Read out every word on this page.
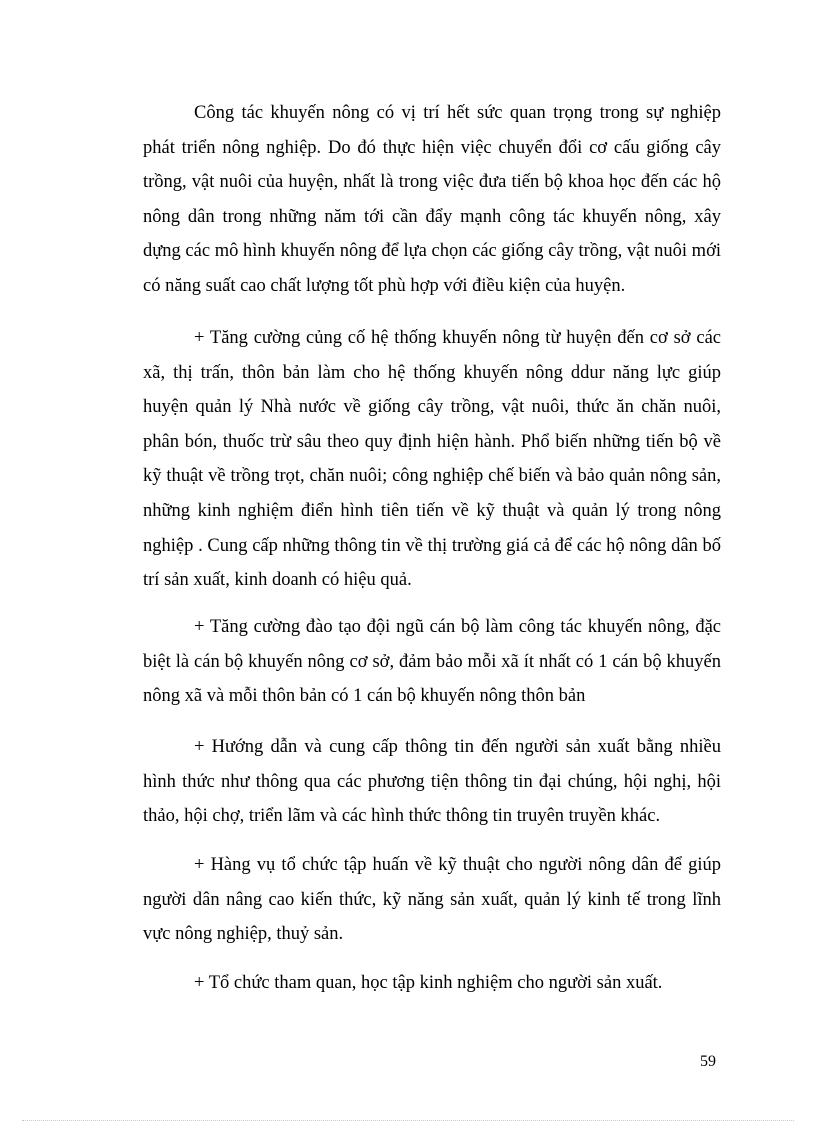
Công tác khuyến nông có vị trí hết sức quan trọng trong sự nghiệp phát triển nông nghiệp. Do đó thực hiện việc chuyển đổi cơ cấu giống cây trồng, vật nuôi của huyện, nhất là trong việc đưa tiến bộ khoa học đến các hộ nông dân trong những năm tới cần đẩy mạnh công tác khuyến nông, xây dựng các mô hình khuyến nông để lựa chọn các giống cây trồng, vật nuôi mới có năng suất cao chất lượng tốt phù hợp với điều kiện của huyện.

+ Tăng cường củng cố hệ thống khuyến nông từ huyện đến cơ sở các xã, thị trấn, thôn bản làm cho hệ thống khuyến nông ddur năng lực giúp huyện quản lý Nhà nước về giống cây trồng, vật nuôi, thức ăn chăn nuôi, phân bón, thuốc trừ sâu theo quy định hiện hành. Phổ biến những tiến bộ về kỹ thuật về trồng trọt, chăn nuôi; công nghiệp chế biến và bảo quản nông sản, những kinh nghiệm điển hình tiên tiến về kỹ thuật và quản lý trong nông nghiệp . Cung cấp những thông tin về thị trường giá cả để các hộ nông dân bố trí sản xuất, kinh doanh có hiệu quả.

+ Tăng cường đào tạo đội ngũ cán bộ làm công tác khuyến nông, đặc biệt là cán bộ khuyến nông cơ sở, đảm bảo mỗi xã ít nhất có 1 cán bộ khuyến nông xã và mỗi thôn bản có 1 cán bộ khuyến nông thôn bản

+ Hướng dẫn và cung cấp thông tin đến người sản xuất bằng nhiều hình thức như thông qua các phương tiện thông tin đại chúng, hội nghị, hội thảo, hội chợ, triển lãm và các hình thức thông tin truyên truyền khác.

+ Hàng vụ tổ chức tập huấn về kỹ thuật cho người nông dân để giúp người dân nâng cao kiến thức, kỹ năng sản xuất, quản lý kinh tế trong lĩnh vực nông nghiệp, thuỷ sản.

+ Tổ chức tham quan, học tập kinh nghiệm cho người sản xuất.

59
